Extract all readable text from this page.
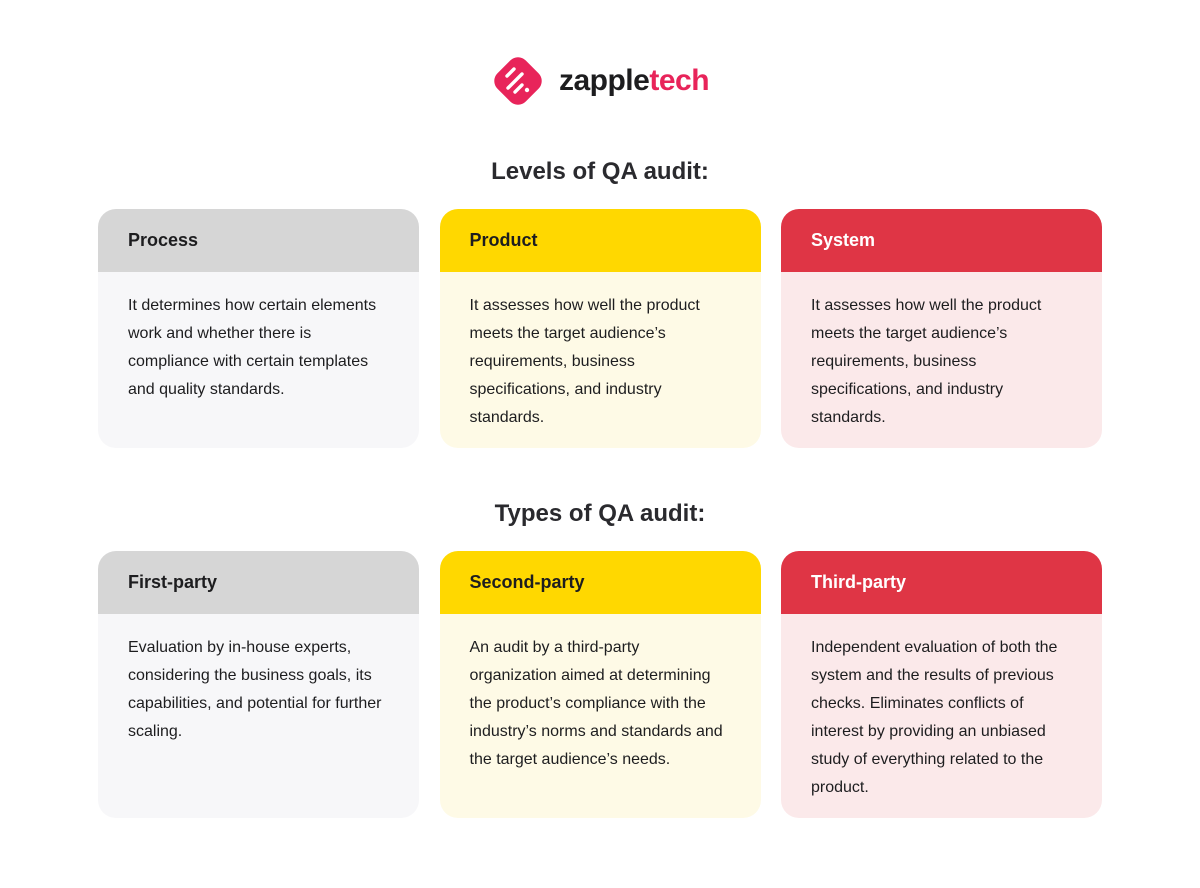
zappletech
Levels of QA audit:
Process
It determines how certain elements work and whether there is compliance with certain templates and quality standards.
Product
It assesses how well the product meets the target audience’s requirements, business specifications, and industry standards.
System
It assesses how well the product meets the target audience’s requirements, business specifications, and industry standards.
Types of QA audit:
First-party
Evaluation by in-house experts, considering the business goals, its capabilities, and potential for further scaling.
Second-party
An audit by a third-party organization aimed at determining the product’s compliance with the industry’s norms and standards and the target audience’s needs.
Third-party
Independent evaluation of both the system and the results of previous checks. Eliminates conflicts of interest by providing an unbiased study of everything related to the product.
